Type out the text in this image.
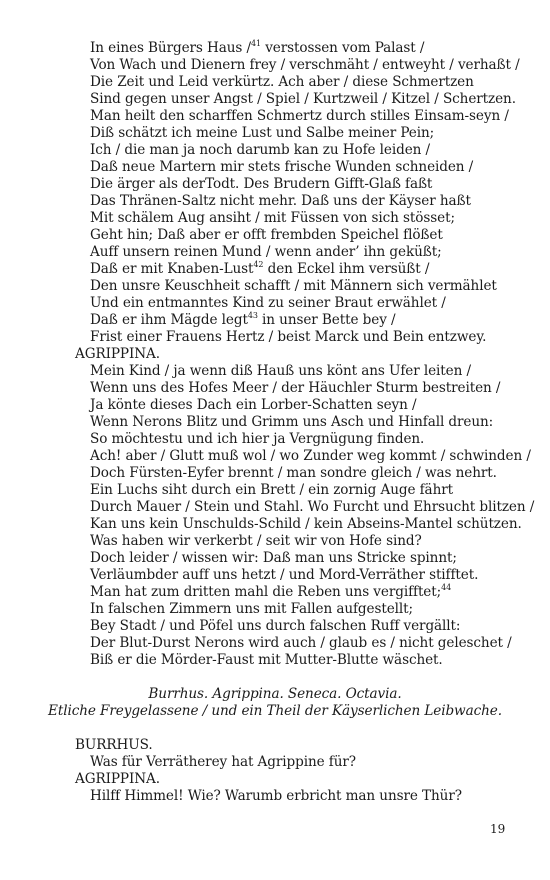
In eines Bürgers Haus /$^{41}$ verstossen vom Palast /
Von Wach und Dienern frey / verschmäht / entweyht / verhaßt /
Die Zeit und Leid verkürtz. Ach aber / diese Schmertzen
Sind gegen unser Angst / Spiel / Kurtzweil / Kitzel / Schertzen.
Man heilt den scharffen Schmertz durch stilles Einsam-seyn /
Diß schätzt ich meine Lust und Salbe meiner Pein;
Ich / die man ja noch darumb kan zu Hofe leiden /
Daß neue Martern mir stets frische Wunden schneiden /
Die ärger als derTodt. Des Brudern Gifft-Glaß faßt
Das Thränen-Saltz nicht mehr. Daß uns der Käyser haßt
Mit schälem Aug ansiht / mit Füssen von sich stösset;
Geht hin; Daß aber er offt frembden Speichel flößet
Auff unsern reinen Mund / wenn ander’ ihn geküßt;
Daß er mit Knaben-Lust$^{42}$ den Eckel ihm versüßt /
Den unsre Keuschheit schafft / mit Männern sich vermählet
Und ein entmanntes Kind zu seiner Braut erwählet /
Daß er ihm Mägde legt$^{43}$ in unser Bette bey /
Frist einer Frauens Hertz / beist Marck und Bein entzwey.
AGRIPPINA.
Mein Kind / ja wenn diß Hauß uns könt ans Ufer leiten /
Wenn uns des Hofes Meer / der Häuchler Sturm bestreiten /
Ja könte dieses Dach ein Lorber-Schatten seyn /
Wenn Nerons Blitz und Grimm uns Asch und Hinfall dreun:
So möchtestu und ich hier ja Vergnügung finden.
Ach! aber / Glutt muß wol / wo Zunder weg kommt / schwinden /
Doch Fürsten-Eyfer brennt / man sondre gleich / was nehrt.
Ein Luchs siht durch ein Brett / ein zornig Auge fährt
Durch Mauer / Stein und Stahl. Wo Furcht und Ehrsucht blitzen /
Kan uns kein Unschulds-Schild / kein Abseins-Mantel schützen.
Was haben wir verkerbt / seit wir von Hofe sind?
Doch leider / wissen wir: Daß man uns Stricke spinnt;
Verläumbder auff uns hetzt / und Mord-Verräther stifftet.
Man hat zum dritten mahl die Reben uns vergifftet;$^{44}$
In falschen Zimmern uns mit Fallen aufgestellt;
Bey Stadt / und Pöfel uns durch falschen Ruff vergällt:
Der Blut-Durst Nerons wird auch / glaub es / nicht geleschet /
Biß er die Mörder-Faust mit Mutter-Blutte wäschet.
Burrhus. Agrippina. Seneca. Octavia.
Etliche Freygelassene / und ein Theil der Käyserlichen Leibwache.
BURRHUS.
Was für Verrätherey hat Agrippine für?
AGRIPPINA.
Hilff Himmel! Wie? Warumb erbricht man unsre Thür?
19
